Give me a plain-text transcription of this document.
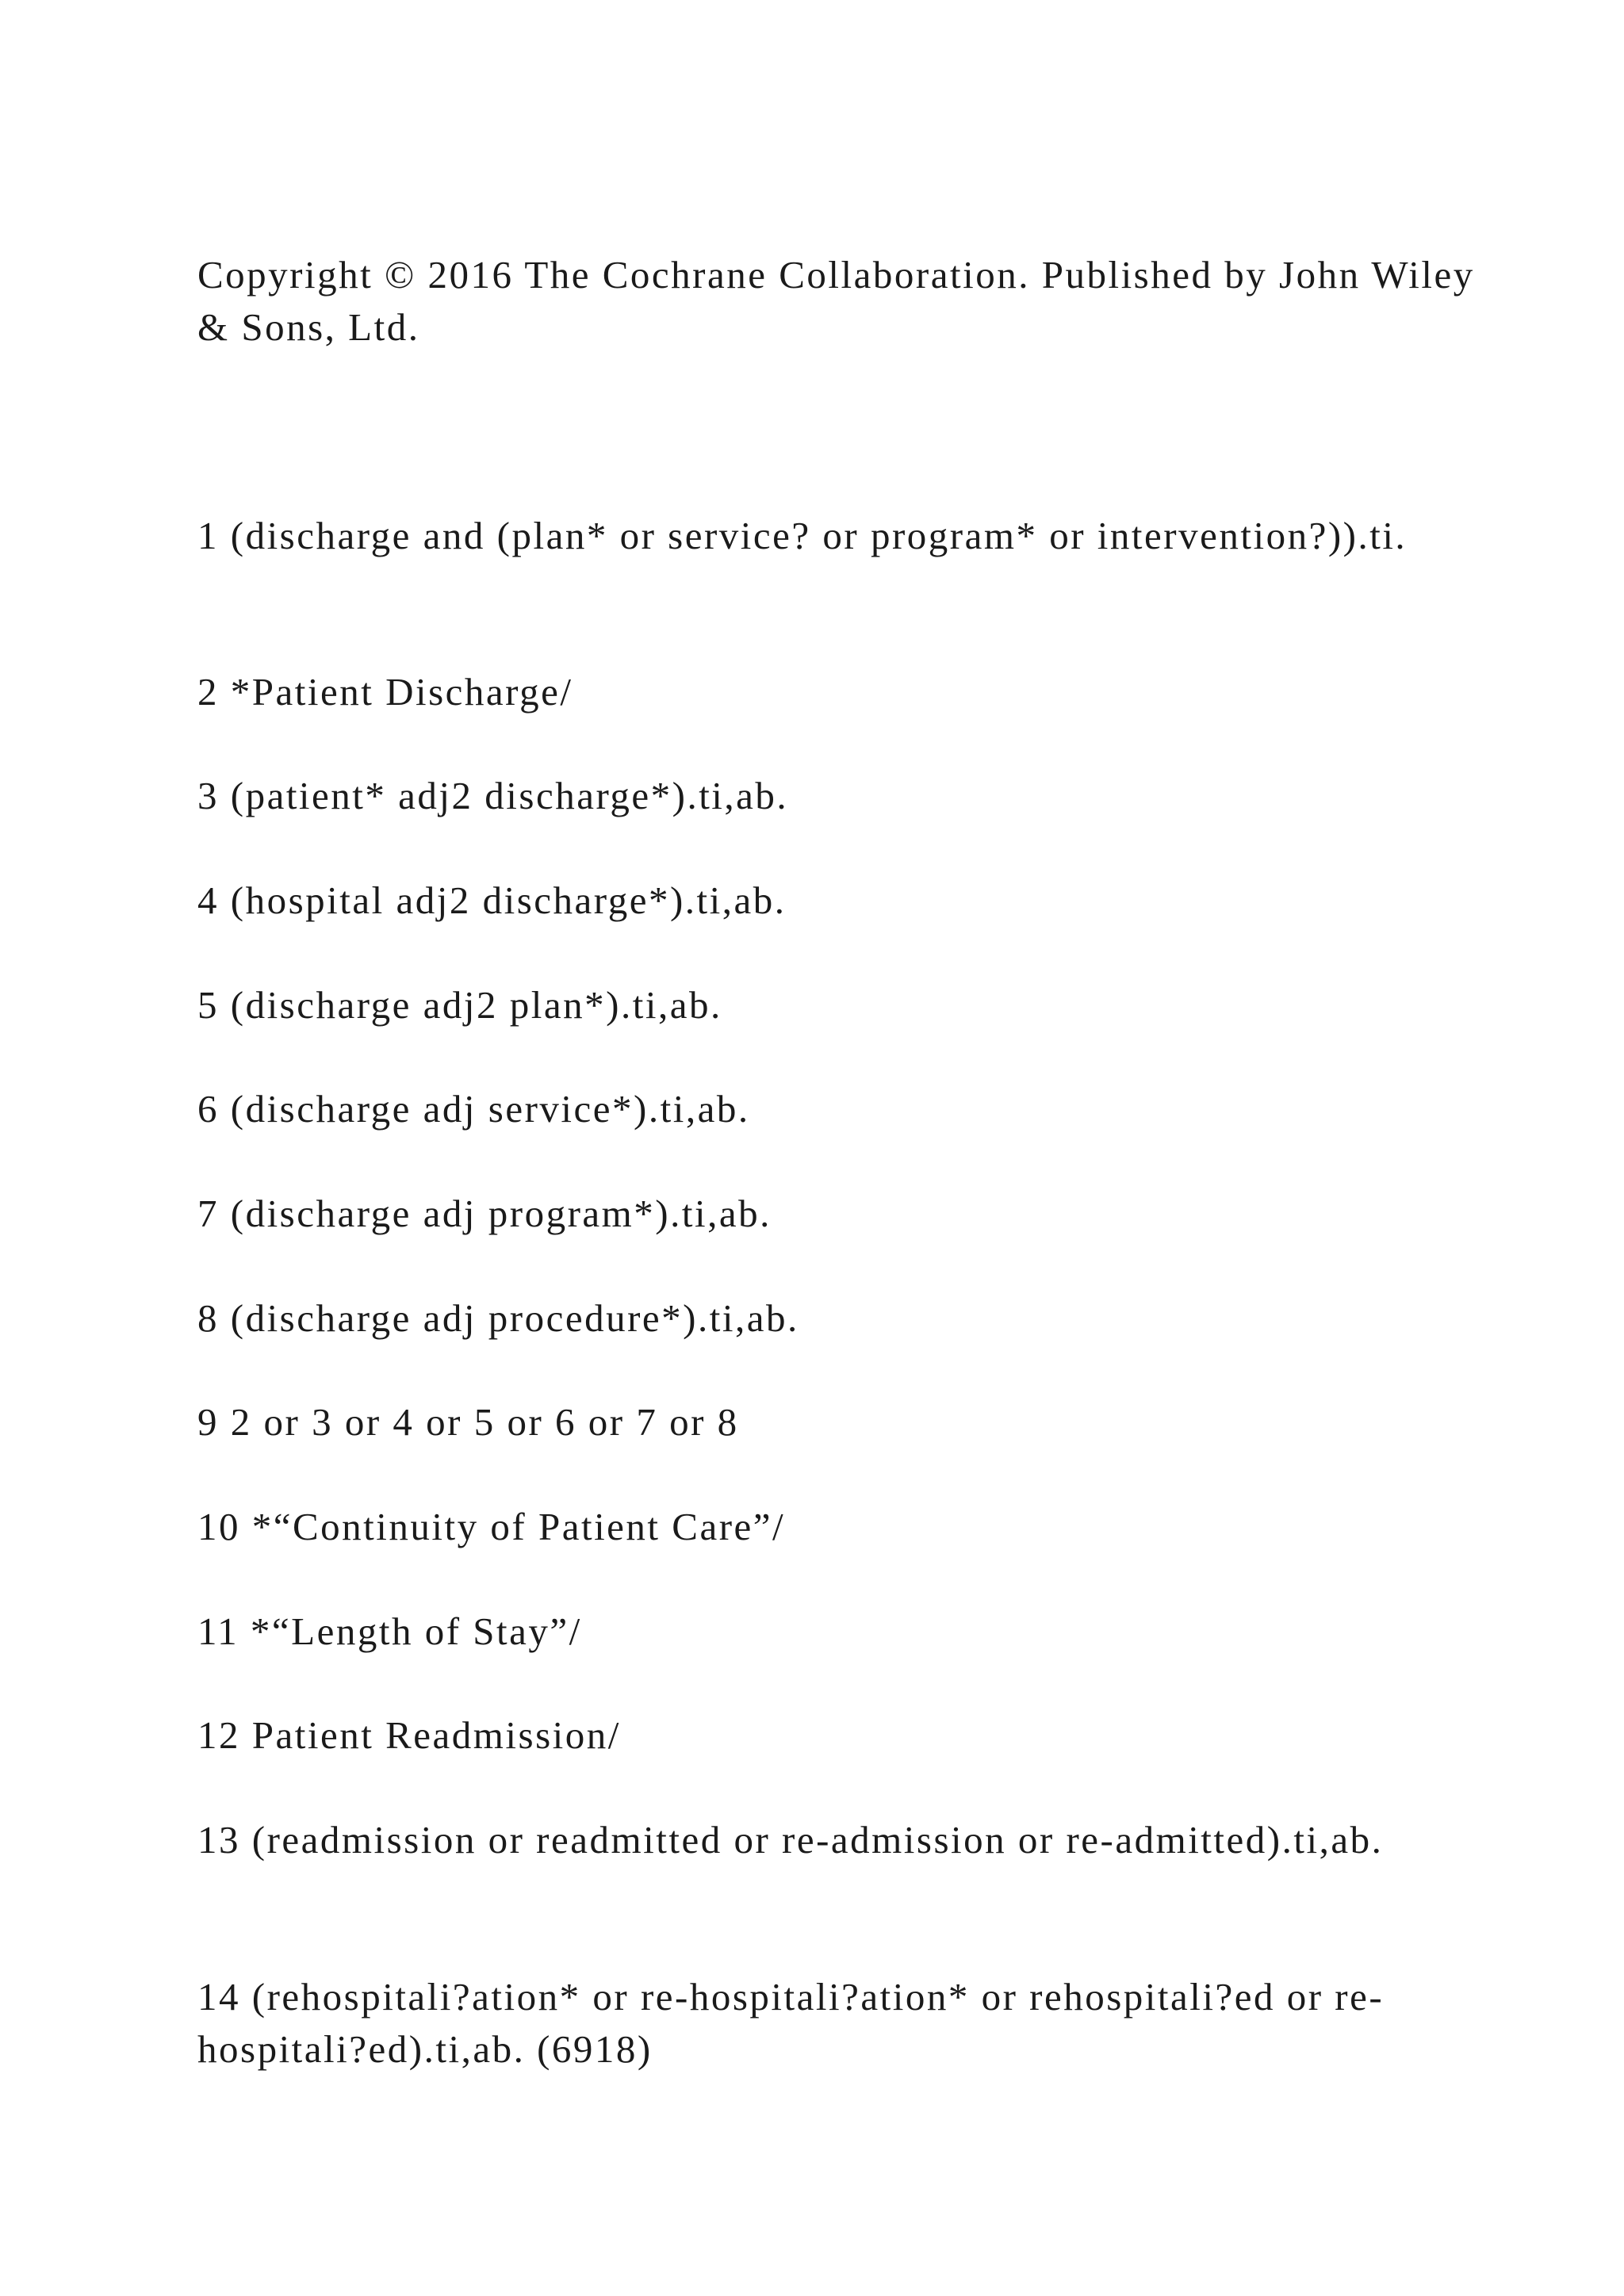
Copyright © 2016 The Cochrane Collaboration. Published by John Wiley & Sons, Ltd.

1 (discharge and (plan* or service? or program* or intervention?)).ti.

2 *Patient Discharge/

3 (patient* adj2 discharge*).ti,ab.

4 (hospital adj2 discharge*).ti,ab.

5 (discharge adj2 plan*).ti,ab.

6 (discharge adj service*).ti,ab.

7 (discharge adj program*).ti,ab.

8 (discharge adj procedure*).ti,ab.

9 2 or 3 or 4 or 5 or 6 or 7 or 8

10 *“Continuity of Patient Care”/

11 *“Length of Stay”/

12 Patient Readmission/

13 (readmission or readmitted or re-admission or re-admitted).ti,ab.

14 (rehospitali?ation* or re-hospitali?ation* or rehospitali?ed or re-hospitali?ed).ti,ab. (6918)
